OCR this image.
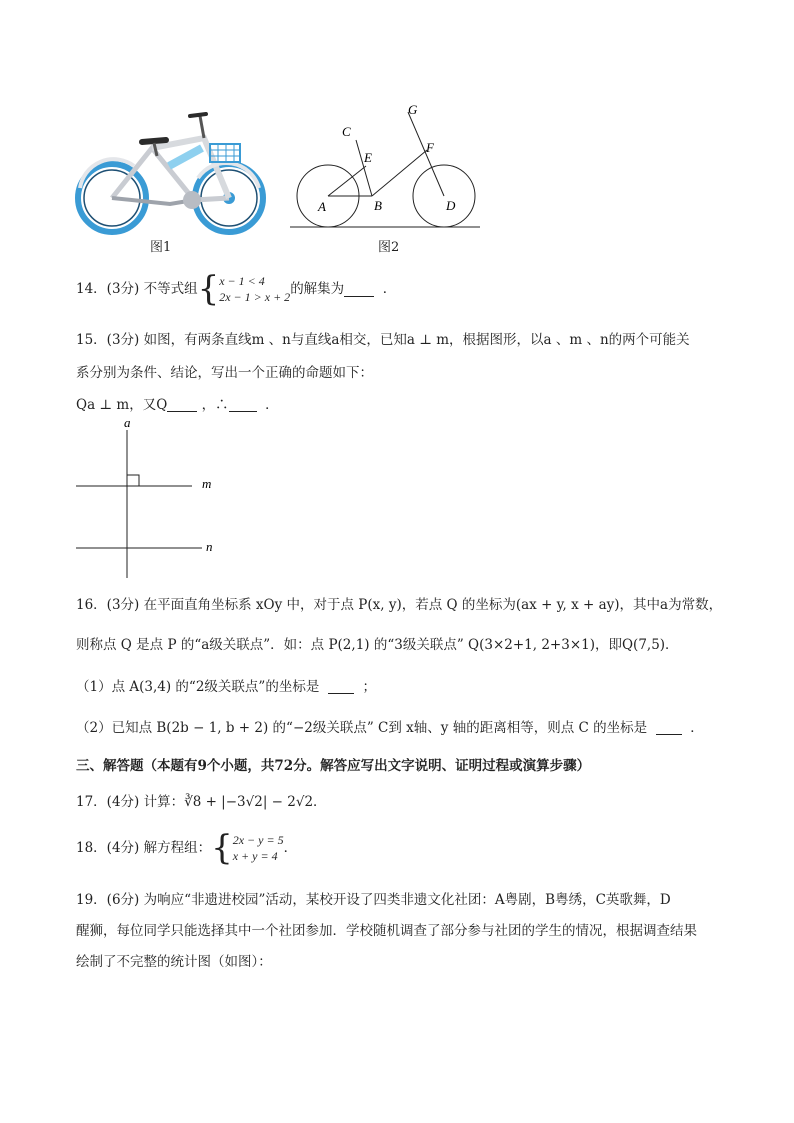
图1
A	B
C
D
E
F
G
图2
14．(3分) 不等式组{x − 1 < 4
2x − 1 > x + 2的解集为	．
15．(3分) 如图，有两条直线m 、n与直线a相交，已知a ⊥ m，根据图形，以a 、m 、n的两个可能关
系分别为条件、结论，写出一个正确的命题如下：
Qa ⊥ m，又Q	，∴	．
a
m
n
16．(3分) 在平面直角坐标系 xOy 中，对于点 P(x, y)，若点 Q 的坐标为(ax + y, x + ay)，其中a为常数，
则称点 Q 是点 P 的“a级关联点”．如：点 P(2,1) 的“3级关联点” Q(3×2+1, 2+3×1)，即Q(7,5)．
（1）点 A(3,4) 的“2级关联点”的坐标是	；
（2）已知点 B(2b − 1, b + 2) 的“−2级关联点” C到 x轴、y 轴的距离相等，则点 C 的坐标是	．
三、解答题（本题有9个小题，共72分。解答应写出文字说明、证明过程或演算步骤）
17．(4分) 计算：∛8 + |−3√2| − 2√2．
18．(4分) 解方程组：{2x − y = 5
x + y = 4 ．
19．(6分) 为响应“非遗进校园”活动，某校开设了四类非遗文化社团：A粤剧，B粤绣，C英歌舞，D
醒狮，每位同学只能选择其中一个社团参加．学校随机调查了部分参与社团的学生的情况，根据调查结果
绘制了不完整的统计图（如图）：
